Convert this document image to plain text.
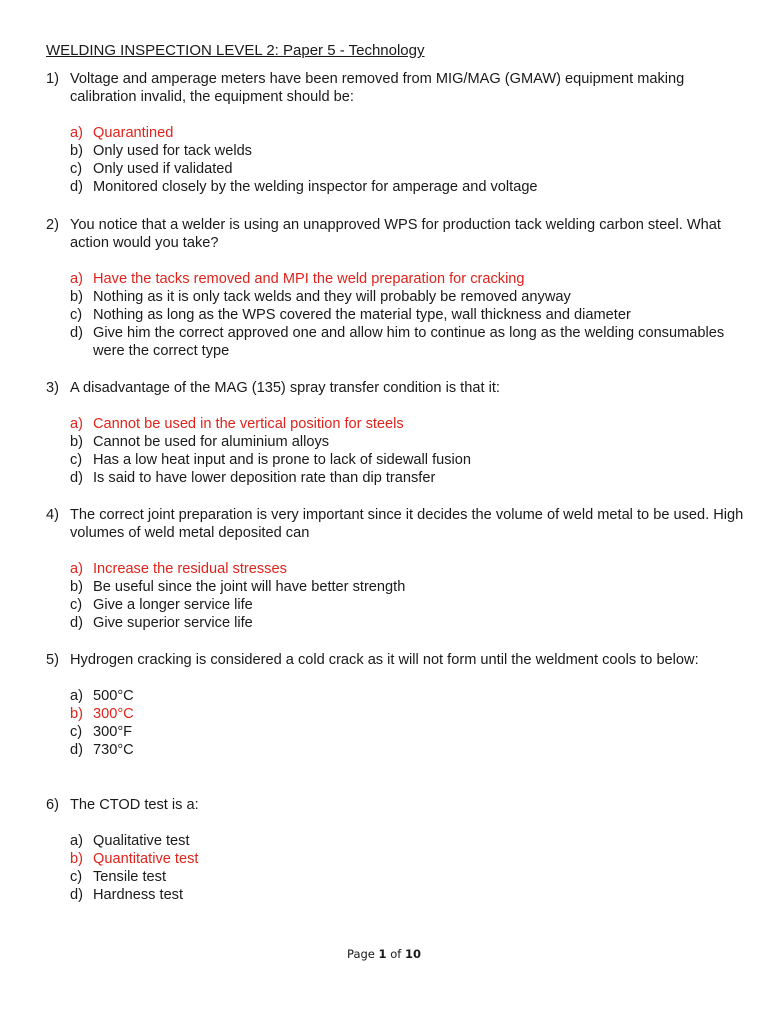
WELDING INSPECTION LEVEL 2: Paper 5 - Technology
1) Voltage and amperage meters have been removed from MIG/MAG (GMAW) equipment making calibration invalid, the equipment should be:
a) Quarantined
b) Only used for tack welds
c) Only used if validated
d) Monitored closely by the welding inspector for amperage and voltage
2) You notice that a welder is using an unapproved WPS for production tack welding carbon steel. What action would you take?
a) Have the tacks removed and MPI the weld preparation for cracking
b) Nothing as it is only tack welds and they will probably be removed anyway
c) Nothing as long as the WPS covered the material type, wall thickness and diameter
d) Give him the correct approved one and allow him to continue as long as the welding consumables were the correct type
3) A disadvantage of the MAG (135) spray transfer condition is that it:
a) Cannot be used in the vertical position for steels
b) Cannot be used for aluminium alloys
c) Has a low heat input and is prone to lack of sidewall fusion
d) Is said to have lower deposition rate than dip transfer
4) The correct joint preparation is very important since it decides the volume of weld metal to be used. High volumes of weld metal deposited can
a) Increase the residual stresses
b) Be useful since the joint will have better strength
c) Give a longer service life
d) Give superior service life
5) Hydrogen cracking is considered a cold crack as it will not form until the weldment cools to below:
a) 500°C
b) 300°C
c) 300°F
d) 730°C
6) The CTOD test is a:
a) Qualitative test
b) Quantitative test
c) Tensile test
d) Hardness test
Page 1 of 10
